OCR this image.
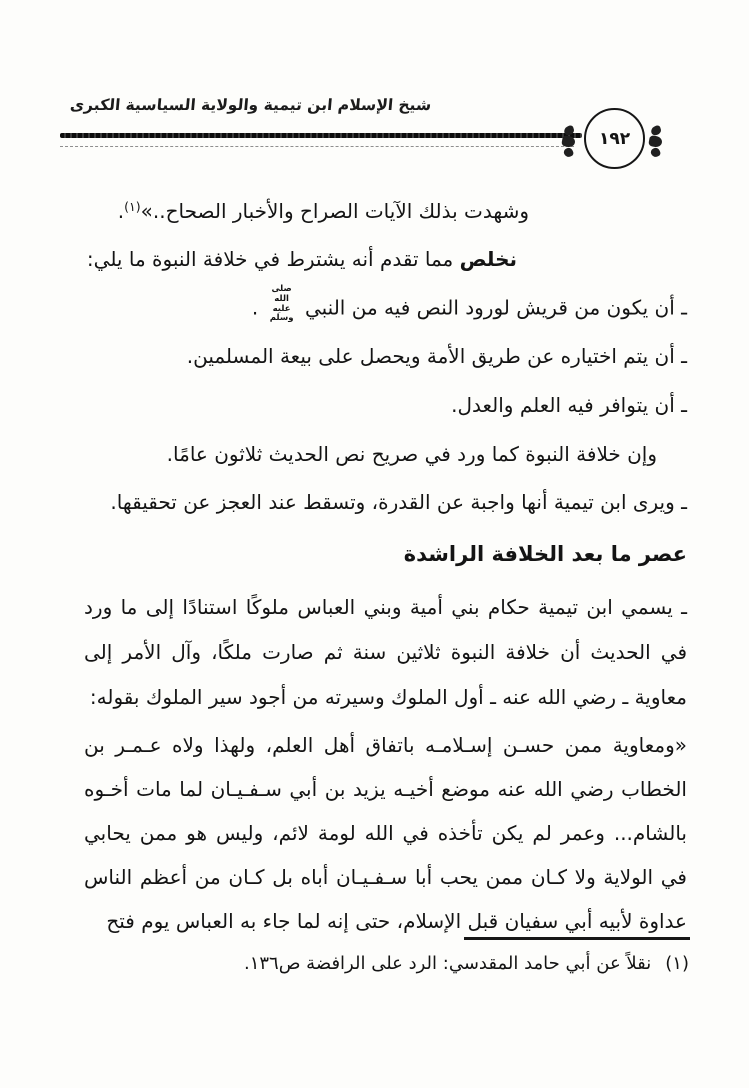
شيخ الإسلام ابن تيمية والولاية السياسية الكبرى
١٩٢

وشهدت بذلك الآيات الصراح والأخبار الصحاح..»$^{(١)}$.

نخلص مما تقدم أنه يشترط في خلافة النبوة ما يلي:

ـ أن يكون من قريش لورود النص فيه من النبي صلى الله عليه وسلم .

ـ أن يتم اختياره عن طريق الأمة ويحصل على بيعة المسلمين.

ـ أن يتوافر فيه العلم والعدل.

وإن خلافة النبوة كما ورد في صريح نص الحديث ثلاثون عامًا.

ـ ويرى ابن تيمية أنها واجبة عن القدرة، وتسقط عند العجز عن تحقيقها.

عصر ما بعد الخلافة الراشدة

ـ يسمي ابن تيمية حكام بني أمية وبني العباس ملوكًا استنادًا إلى ما ورد في الحديث أن خلافة النبوة ثلاثين سنة ثم صارت ملكًا، وآل الأمر إلى معاوية ـ رضي الله عنه ـ أول الملوك وسيرته من أجود سير الملوك بقوله:

«ومعاوية ممن حسـن إسـلامـه باتفاق أهل العلم، ولهذا ولاه عـمـر بن الخطاب رضي الله عنه موضع أخيـه يزيد بن أبي سـفـيـان لما مات أخـوه بالشام... وعمر لم يكن تأخذه في الله لومة لائم، وليس هو ممن يحابي في الولاية ولا كـان ممن يحب أبا سـفـيـان أباه بل كـان من أعظم الناس عداوة لأبيه أبي سفيان قبل الإسلام، حتى إنه لما جاء به العباس يوم فتح

(١)نقلاً عن أبي حامد المقدسي: الرد على الرافضة ص١٣٦.
